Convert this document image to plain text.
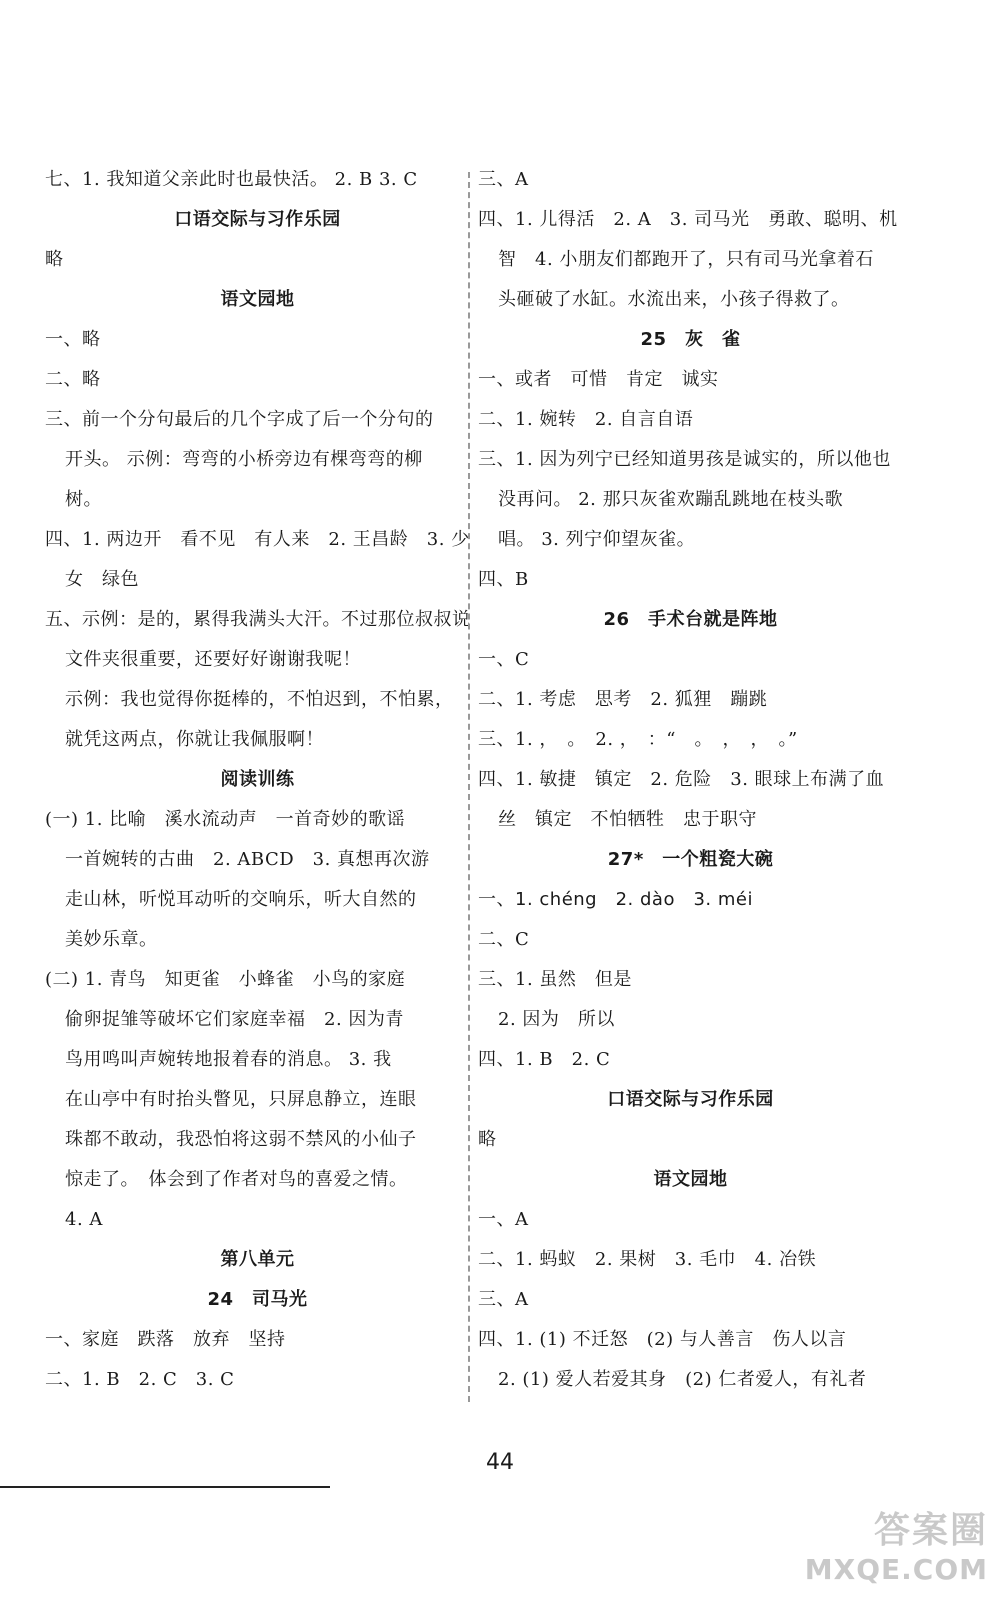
七、1. 我知道父亲此时也最快活。 2. B 3. C
口语交际与习作乐园
略
语文园地
一、略
二、略
三、前一个分句最后的几个字成了后一个分句的
开头。 示例：弯弯的小桥旁边有棵弯弯的柳
树。
四、1. 两边开　看不见　有人来　2. 王昌龄　3. 少
女　绿色
五、示例：是的，累得我满头大汗。不过那位叔叔说
文件夹很重要，还要好好谢谢我呢！
示例：我也觉得你挺棒的，不怕迟到，不怕累，
就凭这两点，你就让我佩服啊！
阅读训练
(一) 1. 比喻　溪水流动声　一首奇妙的歌谣
一首婉转的古曲　2. ABCD　3. 真想再次游
走山林，听悦耳动听的交响乐，听大自然的
美妙乐章。
(二) 1. 青鸟　知更雀　小蜂雀　小鸟的家庭
偷卵捉雏等破坏它们家庭幸福　2. 因为青
鸟用鸣叫声婉转地报着春的消息。 3. 我
在山亭中有时抬头瞥见，只屏息静立，连眼
珠都不敢动，我恐怕将这弱不禁风的小仙子
惊走了。　体会到了作者对鸟的喜爱之情。
4. A
第八单元
24　司马光
一、家庭　跌落　放弃　坚持
二、1. B　2. C　3. C
三、A
四、1. 儿得活　2. A　3. 司马光　勇敢、聪明、机
智　4. 小朋友们都跑开了，只有司马光拿着石
头砸破了水缸。水流出来，小孩子得救了。
25　灰　雀
一、或者　可惜　肯定　诚实
二、1. 婉转　2. 自言自语
三、1. 因为列宁已经知道男孩是诚实的，所以他也
没再问。 2. 那只灰雀欢蹦乱跳地在枝头歌
唱。 3. 列宁仰望灰雀。
四、B
26　手术台就是阵地
一、C
二、1. 考虑　思考　2. 狐狸　蹦跳
三、1. ，　。　2. ，　：“　。　，　，　。”
四、1. 敏捷　镇定　2. 危险　3. 眼球上布满了血
丝　镇定　不怕牺牲　忠于职守
27*　一个粗瓷大碗
一、1. chéng　2. dào　3. méi
二、C
三、1. 虽然　但是
2. 因为　所以
四、1. B　2. C
口语交际与习作乐园
略
语文园地
一、A
二、1. 蚂蚁　2. 果树　3. 毛巾　4. 冶铁
三、A
四、1. (1) 不迁怒　(2) 与人善言　伤人以言
2. (1) 爱人若爱其身　(2) 仁者爱人，有礼者
44
答案圈
MXQE.COM
